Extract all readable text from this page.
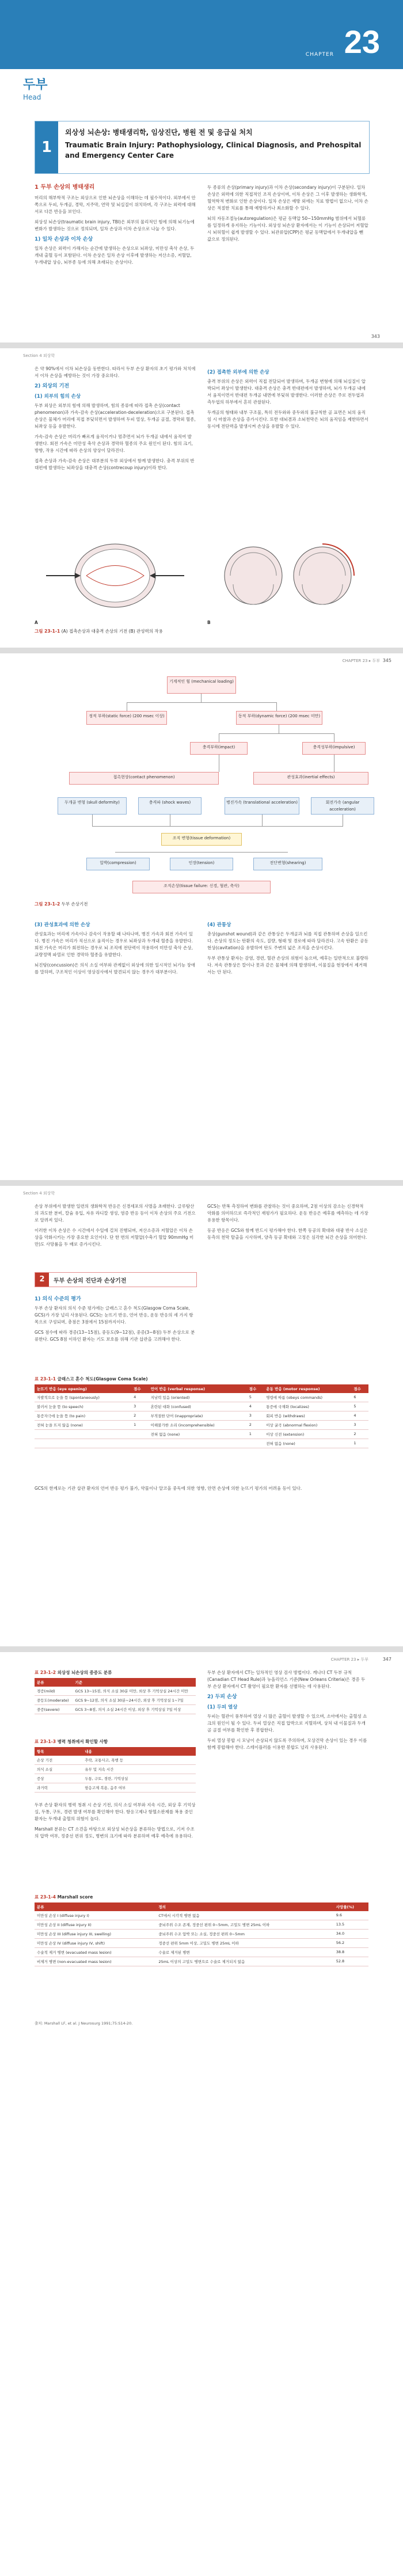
CHAPTER 23
두부
Head
1
외상성 뇌손상: 병태생리학, 임상진단, 병원 전 및 응급실 처치
Traumatic Brain Injury: Pathophysiology, Clinical Diagnosis, and Prehospital and Emergency Center Care
1 두부 손상의 병태생리

머리의 해부학적 구조는 외상으로 인한 뇌손상을 이해하는 데 필수적이다. 외부에서 안쪽으로 두피, 두개골, 경막, 지주막, 연막 및 뇌실질이 위치하며, 각 구조는 외력에 대해 서로 다른 반응을 보인다.

외상성 뇌손상(traumatic brain injury, TBI)은 외부의 물리적인 힘에 의해 뇌기능에 변화가 발생하는 것으로 정의되며, 일차 손상과 이차 손상으로 나눌 수 있다.

1) 일차 손상과 이차 손상

일차 손상은 외력이 가해지는 순간에 발생하는 손상으로 뇌좌상, 미만성 축삭 손상, 두개내 출혈 등이 포함된다. 이차 손상은 일차 손상 이후에 발생하는 저산소증, 저혈압, 두개내압 상승, 뇌부종 등에 의해 초래되는 손상이다.

두 종류의 손상(primary injury)과 이차 손상(secondary injury)이 구분된다. 일차 손상은 외력에 의한 직접적인 조직 손상이며, 이차 손상은 그 이후 발생하는 생화학적, 혈역학적 변화로 인한 손상이다. 일차 손상은 예방 외에는 치료 방법이 없으나, 이차 손상은 적절한 치료를 통해 예방하거나 최소화할 수 있다.

뇌의 자동조절능(autoregulation)은 평균 동맥압 50~150mmHg 범위에서 뇌혈류를 일정하게 유지하는 기능이다. 외상성 뇌손상 환자에서는 이 기능이 손상되어 저혈압 시 뇌허혈이 쉽게 발생할 수 있다. 뇌관류압(CPP)은 평균 동맥압에서 두개내압을 뺀 값으로 정의된다.

343
Section 4 외상학

은 약 90%에서 이차 뇌손상을 동반한다. 따라서 두부 손상 환자의 초기 평가와 처치에서 이차 손상을 예방하는 것이 가장 중요하다.

2) 외상의 기전
(1) 외부의 힘의 손상

두부 외상은 외부의 힘에 의해 발생하며, 힘의 종류에 따라 접촉 손상(contact phenomenon)과 가속-감속 손상(acceleration-deceleration)으로 구분된다. 접촉 손상은 물체가 머리에 직접 부딪히면서 발생하며 두피 열상, 두개골 골절, 경막외 혈종, 뇌좌상 등을 유발한다.

가속-감속 손상은 머리가 빠르게 움직이거나 멈추면서 뇌가 두개골 내에서 움직여 발생한다. 회전 가속은 미만성 축삭 손상과 경막하 혈종의 주요 원인이 된다. 힘의 크기, 방향, 작용 시간에 따라 손상의 양상이 달라진다.

접촉 손상과 가속-감속 손상은 대부분의 두부 외상에서 함께 발생한다. 충격 부위의 반대편에 발생하는 뇌좌상을 대충격 손상(contrecoup injury)이라 한다.

(2) 접촉한 외부에 의한 손상

충격 부위의 손상은 외력이 직접 전달되어 발생하며, 두개골 변형에 의해 뇌실질이 압박되어 좌상이 발생한다. 대충격 손상은 충격 반대편에서 발생하며, 뇌가 두개골 내에서 움직이면서 반대편 두개골 내면에 부딪혀 발생한다. 이러한 손상은 주로 전두엽과 측두엽의 하부에서 흔히 관찰된다.

두개골의 형태와 내부 구조물, 특히 전두와와 중두와의 불규칙한 골 표면은 뇌의 움직임 시 마찰과 손상을 증가시킨다. 또한 대뇌겸과 소뇌천막은 뇌의 움직임을 제한하면서 동시에 전단력을 발생시켜 손상을 유발할 수 있다.

A	B
그림 23-1-1 (A) 접촉손상과 대충격 손상의 기전 (B) 관성력의 작용
CHAPTER 23 ▸ 두부 345
기계적인 힘 (mechanical loading)
정적 부하(static force) (200 msec 이상)	동적 부하(dynamic force) (200 msec 미만)
충격부하(impact)	충격성부하(impulsive)
접촉현상(contact phenomenon)	관성효과(inertial effects)
두개골 변형 (skull deformity)	충격파 (shock waves)	병진가속 (translational acceleration)	회전가속 (angular acceleration)
조직 변형(tissue deformation)
압박(compression)	인장(tension)	전단변형(shearing)
조직손상(tissue failure: 신경, 혈관, 축삭)
그림 23-1-2 두부 손상기전
(3) 관성효과에 의한 손상

관성효과는 머리에 가속이나 감속이 작용할 때 나타나며, 병진 가속과 회전 가속이 있다. 병진 가속은 머리가 직선으로 움직이는 경우로 뇌좌상과 두개내 혈종을 유발한다. 회전 가속은 머리가 회전하는 경우로 뇌 조직에 전단력이 작용하여 미만성 축삭 손상, 교량정맥 파열로 인한 경막하 혈종을 유발한다.

뇌진탕(concussion)은 의식 소실 여부와 관계없이 외상에 의한 일시적인 뇌기능 장애를 말하며, 구조적인 이상이 영상검사에서 발견되지 않는 경우가 대부분이다.

(4) 관통상

총상(gunshot wound)과 같은 관통상은 두개골과 뇌를 직접 관통하며 손상을 일으킨다. 손상의 정도는 탄환의 속도, 질량, 형태 및 경로에 따라 달라진다. 고속 탄환은 공동현상(cavitation)을 유발하여 탄도 주변의 넓은 조직을 손상시킨다.

두부 관통상 환자는 감염, 경련, 혈관 손상의 위험이 높으며, 예후는 일반적으로 불량하다. 저속 관통상은 칼이나 못과 같은 물체에 의해 발생하며, 이물질을 현장에서 제거해서는 안 된다.

Section 4 외상학

손상 부위에서 발생한 일련의 생화학적 반응은 신경세포의 사멸을 초래한다. 글루탐산의 과도한 분비, 칼슘 유입, 자유 라디칼 생성, 염증 반응 등이 이차 손상의 주요 기전으로 알려져 있다.

이러한 이차 손상은 수 시간에서 수일에 걸쳐 진행되며, 저산소증과 저혈압은 이차 손상을 악화시키는 가장 중요한 요인이다. 단 한 번의 저혈압(수축기 혈압 90mmHg 미만)도 사망률을 두 배로 증가시킨다.

GCS는 반복 측정하여 변화를 관찰하는 것이 중요하며, 2점 이상의 감소는 신경학적 악화를 의미하므로 즉각적인 재평가가 필요하다. 운동 반응은 예후를 예측하는 데 가장 유용한 항목이다.

동공 반응은 GCS와 함께 반드시 평가해야 한다. 한쪽 동공의 확대와 대광 반사 소실은 동측의 천막 탈출을 시사하며, 양측 동공 확대와 고정은 심각한 뇌간 손상을 의미한다.

2	두부 손상의 진단과 손상기전
1) 의식 수준의 평가

두부 손상 환자의 의식 수준 평가에는 글래스고 혼수 척도(Glasgow Coma Scale, GCS)가 가장 널리 사용된다. GCS는 눈뜨기 반응, 언어 반응, 운동 반응의 세 가지 항목으로 구성되며, 총점은 3점에서 15점까지이다.

GCS 점수에 따라 경증(13~15점), 중등도(9~12점), 중증(3~8점) 두부 손상으로 분류한다. GCS 8점 이하인 환자는 기도 보호를 위해 기관 삽관을 고려해야 한다.

표 23-1-1 글래스고 혼수 척도(Glasgow Coma Scale)
눈뜨기 반응 (eye opening)	점수	언어 반응 (verbal response)	점수	운동 반응 (motor response)	점수
자발적으로 눈을 뜸 (spontaneously)	4	지남력 있음 (oriented)	5	명령에 따름 (obeys commands)	6
불러서 눈을 뜸 (to speech)	3	혼란된 대화 (confused)	4	통증에 국재화 (localizes)	5
통증자극에 눈을 뜸 (to pain)	2	부적절한 단어 (inappropriate)	3	회피 반응 (withdraws)	4
전혀 눈을 뜨지 않음 (none)	1	이해불가한 소리 (incomprehensible)	2	이상 굴곡 (abnormal flexion)	3
		전혀 없음 (none)	1	이상 신전 (extension)	2
				전혀 없음 (none)	1

GCS의 한계로는 기관 삽관 환자의 언어 반응 평가 불가, 약물이나 알코올 중독에 의한 영향, 안면 손상에 의한 눈뜨기 평가의 어려움 등이 있다.

CHAPTER 23 ▸ 두부	347
표 23-1-2 외상성 뇌손상의 중증도 분류
분류	기준
경증(mild)	GCS 13~15점, 의식 소실 30분 미만, 외상 후 기억상실 24시간 미만
중등도(moderate)	GCS 9~12점, 의식 소실 30분~24시간, 외상 후 기억상실 1~7일
중증(severe)	GCS 3~8점, 의식 소실 24시간 이상, 외상 후 기억상실 7일 이상
표 23-1-3 병력 청취에서 확인할 사항
항목	내용
손상 기전	추락, 교통사고, 폭행 등
의식 소실	유무 및 지속 시간
증상	두통, 구토, 경련, 기억상실
과거력	항응고제 복용, 음주 여부

두부 손상 환자의 병력 청취 시 손상 기전, 의식 소실 여부와 지속 시간, 외상 후 기억상실, 두통, 구토, 경련 발생 여부를 확인해야 한다. 항응고제나 항혈소판제를 복용 중인 환자는 두개내 출혈의 위험이 높다.

Marshall 분류는 CT 소견을 바탕으로 외상성 뇌손상을 분류하는 방법으로, 기저 수조의 압박 여부, 정중선 편위 정도, 병변의 크기에 따라 분류하며 예후 예측에 유용하다.

두부 손상 환자에서 CT는 일차적인 영상 검사 방법이다. 캐나다 CT 두부 규칙(Canadian CT Head Rule)과 뉴올리언스 기준(New Orleans Criteria)은 경증 두부 손상 환자에서 CT 촬영이 필요한 환자를 선별하는 데 사용된다.

2) 두피 손상
(1) 두피 열상

두피는 혈관이 풍부하여 열상 시 많은 출혈이 발생할 수 있으며, 소아에서는 출혈성 쇼크의 원인이 될 수 있다. 두피 열상은 직접 압박으로 지혈하며, 상처 내 이물질과 두개골 골절 여부를 확인한 후 봉합한다.

두피 열상 봉합 시 모낭이 손상되지 않도록 주의하며, 모상건막 손상이 있는 경우 이를 함께 봉합해야 한다. 스테이플러를 이용한 봉합도 널리 사용된다.

표 23-1-4 Marshall score
분류	정의	사망률(%)
미만성 손상 I (diffuse injury I)	CT에서 시각적 병변 없음	9.6
미만성 손상 II (diffuse injury II)	중뇌주위 수조 존재, 정중선 편위 0~5mm, 고밀도 병변 25mL 이하	13.5
미만성 손상 III (diffuse injury III, swelling)	중뇌주위 수조 압박 또는 소실, 정중선 편위 0~5mm	34.0
미만성 손상 IV (diffuse injury IV, shift)	정중선 편위 5mm 이상, 고밀도 병변 25mL 이하	56.2
수술적 제거 병변 (evacuated mass lesion)	수술로 제거된 병변	38.8
비제거 병변 (non-evacuated mass lesion)	25mL 이상의 고밀도 병변으로 수술로 제거되지 않음	52.8
출처: Marshall LF, et al. J Neurosurg 1991;75:S14-20.
